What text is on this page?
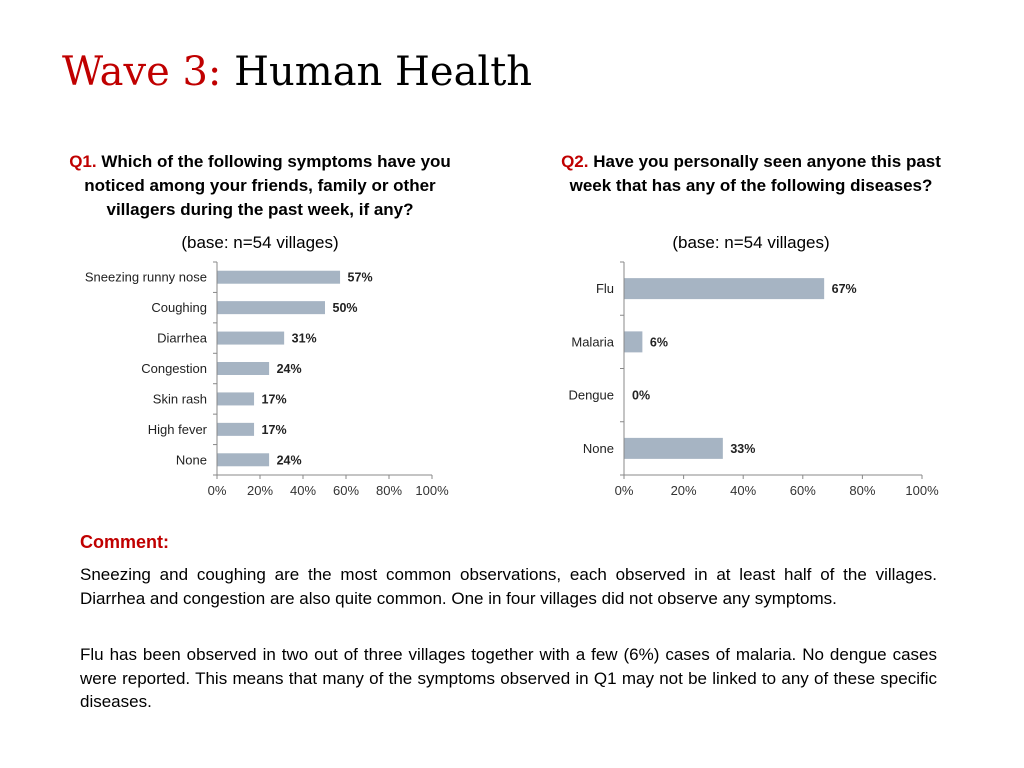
Wave 3: Human Health
Q1. Which of the following symptoms have you noticed among your friends, family or other villagers during the past week, if any?
(base: n=54 villages)
Q2. Have you personally seen anyone this past week that has any of the following diseases?
(base: n=54 villages)
0% 20% 40% 60% 80% 100%
Sneezing runny nose	57%
Coughing	50%
Diarrhea	31%
Congestion	24%
Skin rash	17%
High fever	17%
None	24%
0%	20%	40%	60%	80% 100%
Flu	67%
Malaria	6%
Dengue 0%
None	33%
Comment:

Sneezing and coughing are the most common observations, each observed in at least half of the villages. Diarrhea and congestion are also quite common. One in four villages did not observe any symptoms.

Flu has been observed in two out of three villages together with a few (6%) cases of malaria. No dengue cases were reported. This means that many of the symptoms observed in Q1 may not be linked to any of these specific diseases.
